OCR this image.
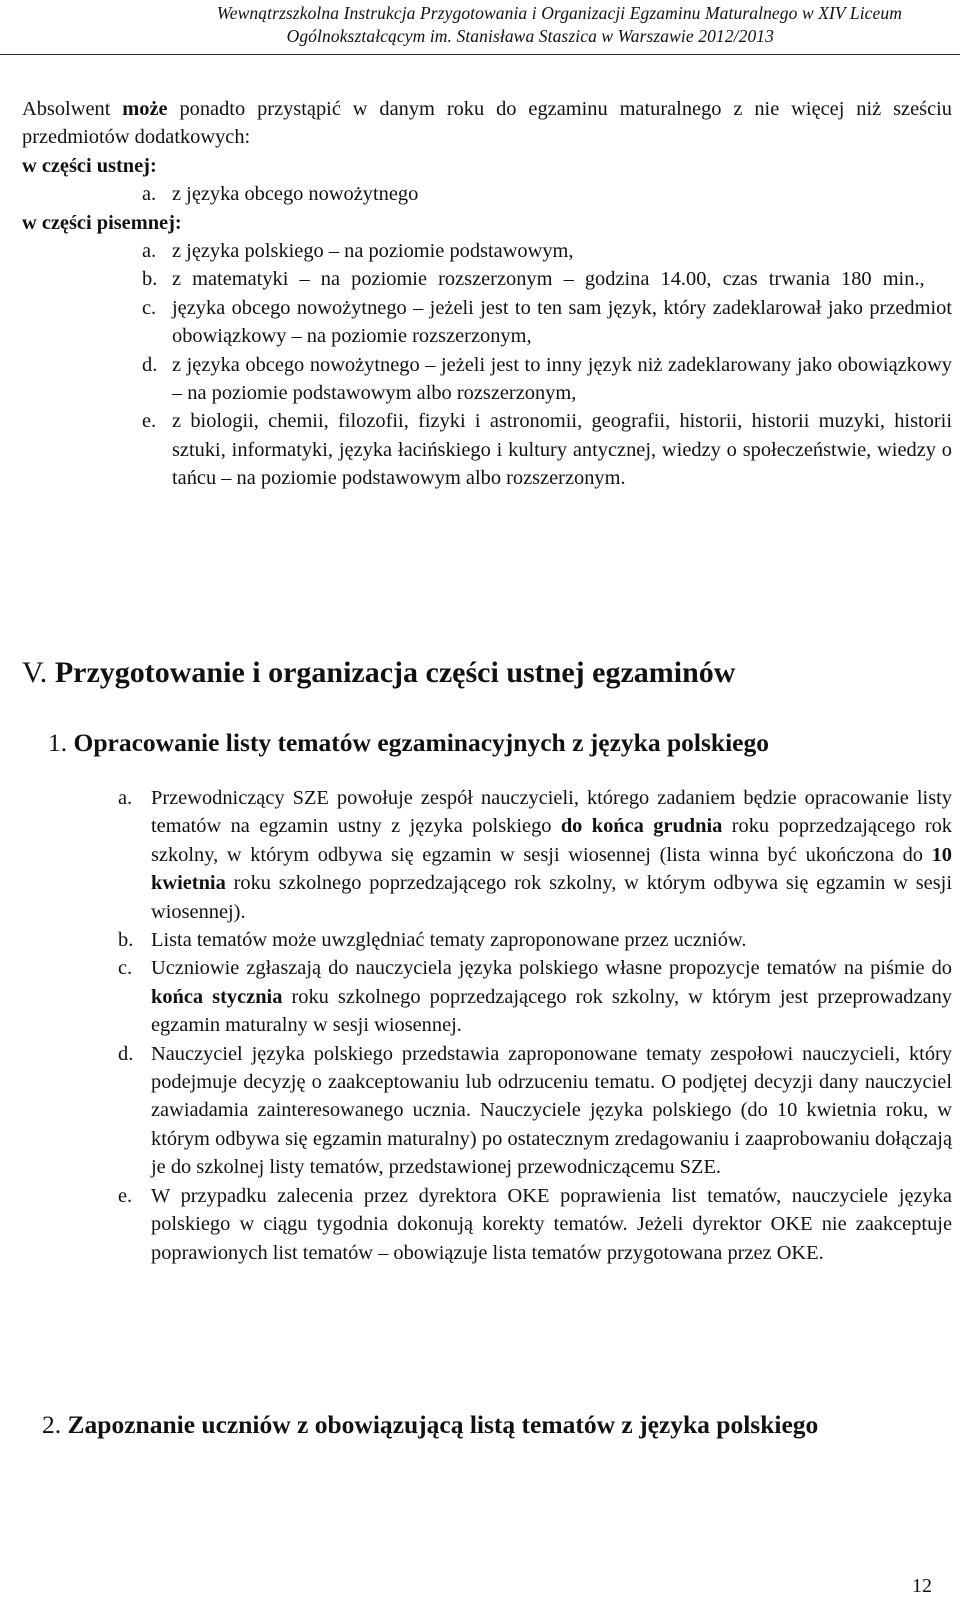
Wewnątrzszkolna Instrukcja Przygotowania i Organizacji Egzaminu Maturalnego w XIV Liceum
Ogólnokształcącym im. Stanisława Staszica w Warszawie 2012/2013
Absolwent może ponadto przystąpić w danym roku do egzaminu maturalnego z nie więcej niż sześciu przedmiotów dodatkowych:
w części ustnej:
a. z języka obcego nowożytnego
w części pisemnej:
a. z języka polskiego – na poziomie podstawowym,
b. z matematyki – na poziomie rozszerzonym – godzina 14.00, czas trwania 180 min.,
c. języka obcego nowożytnego – jeżeli jest to ten sam język, który zadeklarował jako przedmiot obowiązkowy – na poziomie rozszerzonym,
d. z języka obcego nowożytnego – jeżeli jest to inny język niż zadeklarowany jako obowiązkowy – na poziomie podstawowym albo rozszerzonym,
e. z biologii, chemii, filozofii, fizyki i astronomii, geografii, historii, historii muzyki, historii sztuki, informatyki, języka łacińskiego i kultury antycznej, wiedzy o społeczeństwie, wiedzy o tańcu – na poziomie podstawowym albo rozszerzonym.
V. Przygotowanie i organizacja części ustnej egzaminów
1. Opracowanie listy tematów egzaminacyjnych z języka polskiego
a. Przewodniczący SZE powołuje zespół nauczycieli, którego zadaniem będzie opracowanie listy tematów na egzamin ustny z języka polskiego do końca grudnia roku poprzedzającego rok szkolny, w którym odbywa się egzamin w sesji wiosennej (lista winna być ukończona do 10 kwietnia roku szkolnego poprzedzającego rok szkolny, w którym odbywa się egzamin w sesji wiosennej).
b. Lista tematów może uwzględniać tematy zaproponowane przez uczniów.
c. Uczniowie zgłaszają do nauczyciela języka polskiego własne propozycje tematów na piśmie do końca stycznia roku szkolnego poprzedzającego rok szkolny, w którym jest przeprowadzany egzamin maturalny w sesji wiosennej.
d. Nauczyciel języka polskiego przedstawia zaproponowane tematy zespołowi nauczycieli, który podejmuje decyzję o zaakceptowaniu lub odrzuceniu tematu. O podjętej decyzji dany nauczyciel zawiadamia zainteresowanego ucznia. Nauczyciele języka polskiego (do 10 kwietnia roku, w którym odbywa się egzamin maturalny) po ostatecznym zredagowaniu i zaaprobowaniu dołączają je do szkolnej listy tematów, przedstawionej przewodniczącemu SZE.
e. W przypadku zalecenia przez dyrektora OKE poprawienia list tematów, nauczyciele języka polskiego w ciągu tygodnia dokonują korekty tematów. Jeżeli dyrektor OKE nie zaakceptuje poprawionych list tematów – obowiązuje lista tematów przygotowana przez OKE.
2. Zapoznanie uczniów z obowiązującą listą tematów z języka polskiego
12
